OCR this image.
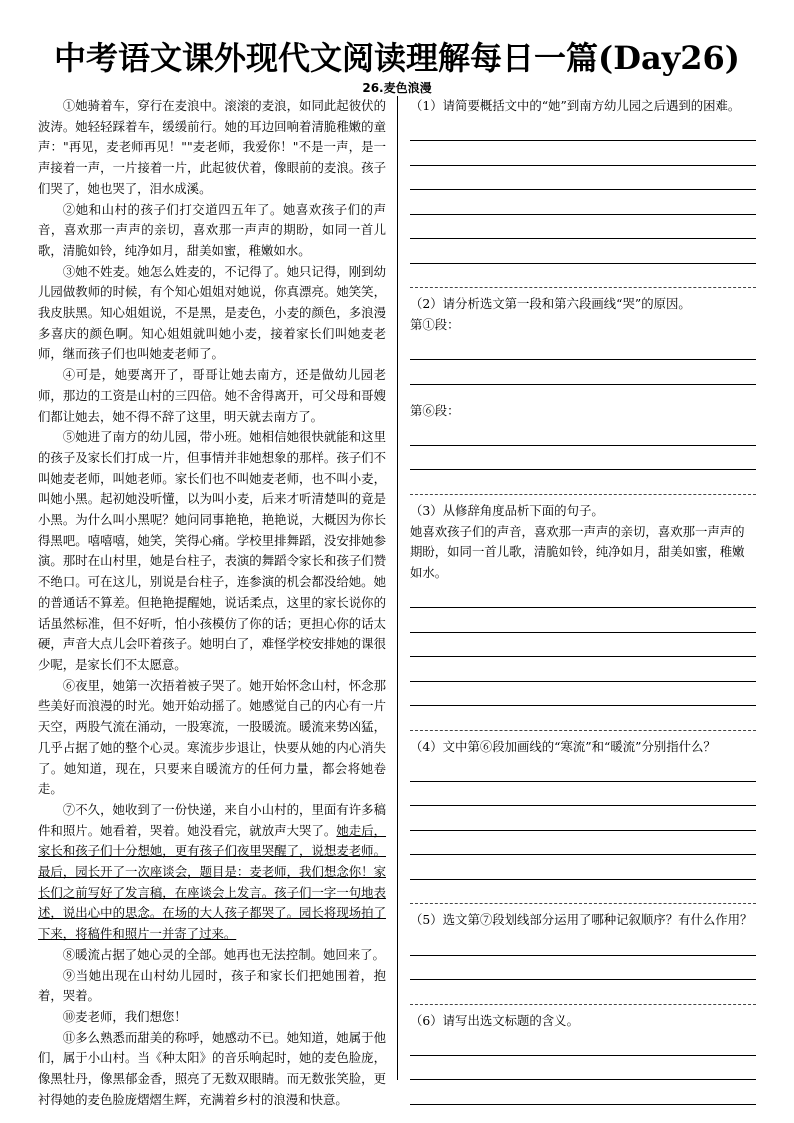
中考语文课外现代文阅读理解每日一篇(Day26)
26.麦色浪漫

①她骑着车，穿行在麦浪中。滚滚的麦浪，如同此起彼伏的波涛。她轻轻踩着车，缓缓前行。她的耳边回响着清脆稚嫩的童声："再见，麦老师再见！""麦老师，我爱你！"不是一声，是一声接着一声，一片接着一片，此起彼伏着，像眼前的麦浪。孩子们哭了，她也哭了，泪水成溪。

②她和山村的孩子们打交道四五年了。她喜欢孩子们的声音，喜欢那一声声的亲切，喜欢那一声声的期盼，如同一首儿歌，清脆如铃，纯净如月，甜美如蜜，稚嫩如水。

③她不姓麦。她怎么姓麦的，不记得了。她只记得，刚到幼儿园做教师的时候，有个知心姐姐对她说，你真漂亮。她笑笑，我皮肤黑。知心姐姐说，不是黑，是麦色，小麦的颜色，多浪漫多喜庆的颜色啊。知心姐姐就叫她小麦，接着家长们叫她麦老师，继而孩子们也叫她麦老师了。

④可是，她要离开了，哥哥让她去南方，还是做幼儿园老师，那边的工资是山村的三四倍。她不舍得离开，可父母和哥嫂们都让她去，她不得不辞了这里，明天就去南方了。

⑤她进了南方的幼儿园，带小班。她相信她很快就能和这里的孩子及家长们打成一片，但事情并非她想象的那样。孩子们不叫她麦老师，叫她老师。家长们也不叫她麦老师，也不叫小麦，叫她小黑。起初她没听懂，以为叫小麦，后来才听清楚叫的竟是小黑。为什么叫小黑呢？她问同事艳艳，艳艳说，大概因为你长得黑吧。嘻嘻嘻，她笑，笑得心痛。学校里排舞蹈，没安排她参演。那时在山村里，她是台柱子，表演的舞蹈令家长和孩子们赞不绝口。可在这儿，别说是台柱子，连参演的机会都没给她。她的普通话不算差。但艳艳提醒她，说话柔点，这里的家长说你的话虽然标准，但不好听，怕小孩模仿了你的话；更担心你的话太硬，声音大点儿会吓着孩子。她明白了，难怪学校安排她的课很少呢，是家长们不太愿意。

⑥夜里，她第一次捂着被子哭了。她开始怀念山村，怀念那些美好而浪漫的时光。她开始动摇了。她感觉自己的内心有一片天空，两股气流在涌动，一股寒流，一股暖流。暖流来势凶猛，几乎占据了她的整个心灵。寒流步步退让，快要从她的内心消失了。她知道，现在，只要来自暖流方的任何力量，都会将她卷走。

⑦不久，她收到了一份快递，来自小山村的，里面有许多稿件和照片。她看着，哭着。她没看完，就放声大哭了。她走后，家长和孩子们十分想她，更有孩子们夜里哭醒了，说想麦老师。最后，园长开了一次座谈会，题目是：麦老师，我们想念你！家长们之前写好了发言稿，在座谈会上发言。孩子们一字一句地表述，说出心中的思念。在场的大人孩子都哭了。园长将现场拍了下来，将稿件和照片一并寄了过来。

⑧暖流占据了她心灵的全部。她再也无法控制。她回来了。

⑨当她出现在山村幼儿园时，孩子和家长们把她围着，抱着，哭着。

⑩麦老师，我们想您！

⑪多么熟悉而甜美的称呼，她感动不已。她知道，她属于他们，属于小山村。当《种太阳》的音乐响起时，她的麦色脸庞，像黑牡丹，像黑郁金香，照亮了无数双眼睛。而无数张笑脸，更衬得她的麦色脸庞熠熠生辉，充满着乡村的浪漫和快意。

（1）请简要概括文中的“她”到南方幼儿园之后遇到的困难。

（2）请分析选文第一段和第六段画线“哭”的原因。

第①段：

第⑥段：

（3）从修辞角度品析下面的句子。

她喜欢孩子们的声音，喜欢那一声声的亲切，喜欢那一声声的期盼，如同一首儿歌，清脆如铃，纯净如月，甜美如蜜，稚嫩如水。

（4）文中第⑥段加画线的“寒流”和“暖流”分别指什么？

（5）选文第⑦段划线部分运用了哪种记叙顺序？有什么作用？

（6）请写出选文标题的含义。
